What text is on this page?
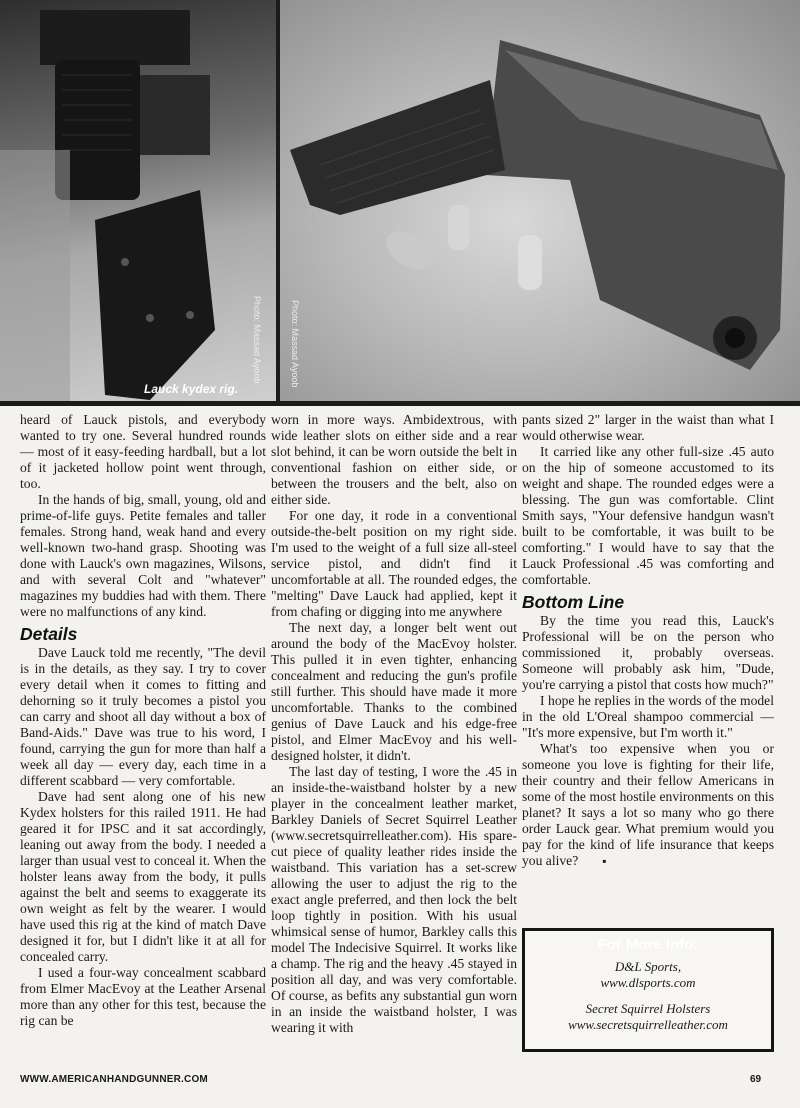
Photo: Massad Ayoob
Lauck kydex rig.
Photo: Massad Ayoob

heard of Lauck pistols, and everybody wanted to try one. Several hundred rounds — most of it easy-feeding hardball, but a lot of it jacketed hollow point went through, too.

In the hands of big, small, young, old and prime-of-life guys. Petite females and taller females. Strong hand, weak hand and every well-known two-hand grasp. Shooting was done with Lauck's own magazines, Wilsons, and with several Colt and "whatever" magazines my buddies had with them. There were no malfunctions of any kind.

Details

Dave Lauck told me recently, "The devil is in the details, as they say. I try to cover every detail when it comes to fitting and dehorning so it truly becomes a pistol you can carry and shoot all day without a box of Band-Aids." Dave was true to his word, I found, carrying the gun for more than half a week all day — every day, each time in a different scabbard — very comfortable.

Dave had sent along one of his new Kydex holsters for this railed 1911. He had geared it for IPSC and it sat accordingly, leaning out away from the body. I needed a larger than usual vest to conceal it. When the holster leans away from the body, it pulls against the belt and seems to exaggerate its own weight as felt by the wearer. I would have used this rig at the kind of match Dave designed it for, but I didn't like it at all for concealed carry.

I used a four-way concealment scabbard from Elmer MacEvoy at the Leather Arsenal more than any other for this test, because the rig can be

worn in more ways. Ambidextrous, with wide leather slots on either side and a rear slot behind, it can be worn outside the belt in conventional fashion on either side, or between the trousers and the belt, also on either side.

For one day, it rode in a conventional outside-the-belt position on my right side. I'm used to the weight of a full size all-steel service pistol, and didn't find it uncomfortable at all. The rounded edges, the "melting" Dave Lauck had applied, kept it from chafing or digging into me anywhere

The next day, a longer belt went out around the body of the MacEvoy holster. This pulled it in even tighter, enhancing concealment and reducing the gun's profile still further. This should have made it more uncomfortable. Thanks to the combined genius of Dave Lauck and his edge-free pistol, and Elmer MacEvoy and his well-designed holster, it didn't.

The last day of testing, I wore the .45 in an inside-the-waistband holster by a new player in the concealment leather market, Barkley Daniels of Secret Squirrel Leather (www.secretsquirrelleather.com). His spare-cut piece of quality leather rides inside the waistband. This variation has a set-screw allowing the user to adjust the rig to the exact angle preferred, and then lock the belt loop tightly in position. With his usual whimsical sense of humor, Barkley calls this model The Indecisive Squirrel. It works like a champ. The rig and the heavy .45 stayed in position all day, and was very comfortable. Of course, as befits any substantial gun worn in an inside the waistband holster, I was wearing it with

pants sized 2" larger in the waist than what I would otherwise wear.

It carried like any other full-size .45 auto on the hip of someone accustomed to its weight and shape. The rounded edges were a blessing. The gun was comfortable. Clint Smith says, "Your defensive handgun wasn't built to be comfortable, it was built to be comforting." I would have to say that the Lauck Professional .45 was comforting and comfortable.

Bottom Line

By the time you read this, Lauck's Professional will be on the person who commissioned it, probably overseas. Someone will probably ask him, "Dude, you're carrying a pistol that costs how much?"

I hope he replies in the words of the model in the old L'Oreal shampoo commercial — "It's more expensive, but I'm worth it."

What's too expensive when you or someone you love is fighting for their life, their country and their fellow Americans in some of the most hostile environments on this planet? It says a lot so many who go there order Lauck gear. What premium would you pay for the kind of life insurance that keeps you alive? ▪

For More Info:
D&L Sports,
www.dlsports.com
Secret Squirrel Holsters
www.secretsquirrelleather.com
WWW.AMERICANHANDGUNNER.COM	69
